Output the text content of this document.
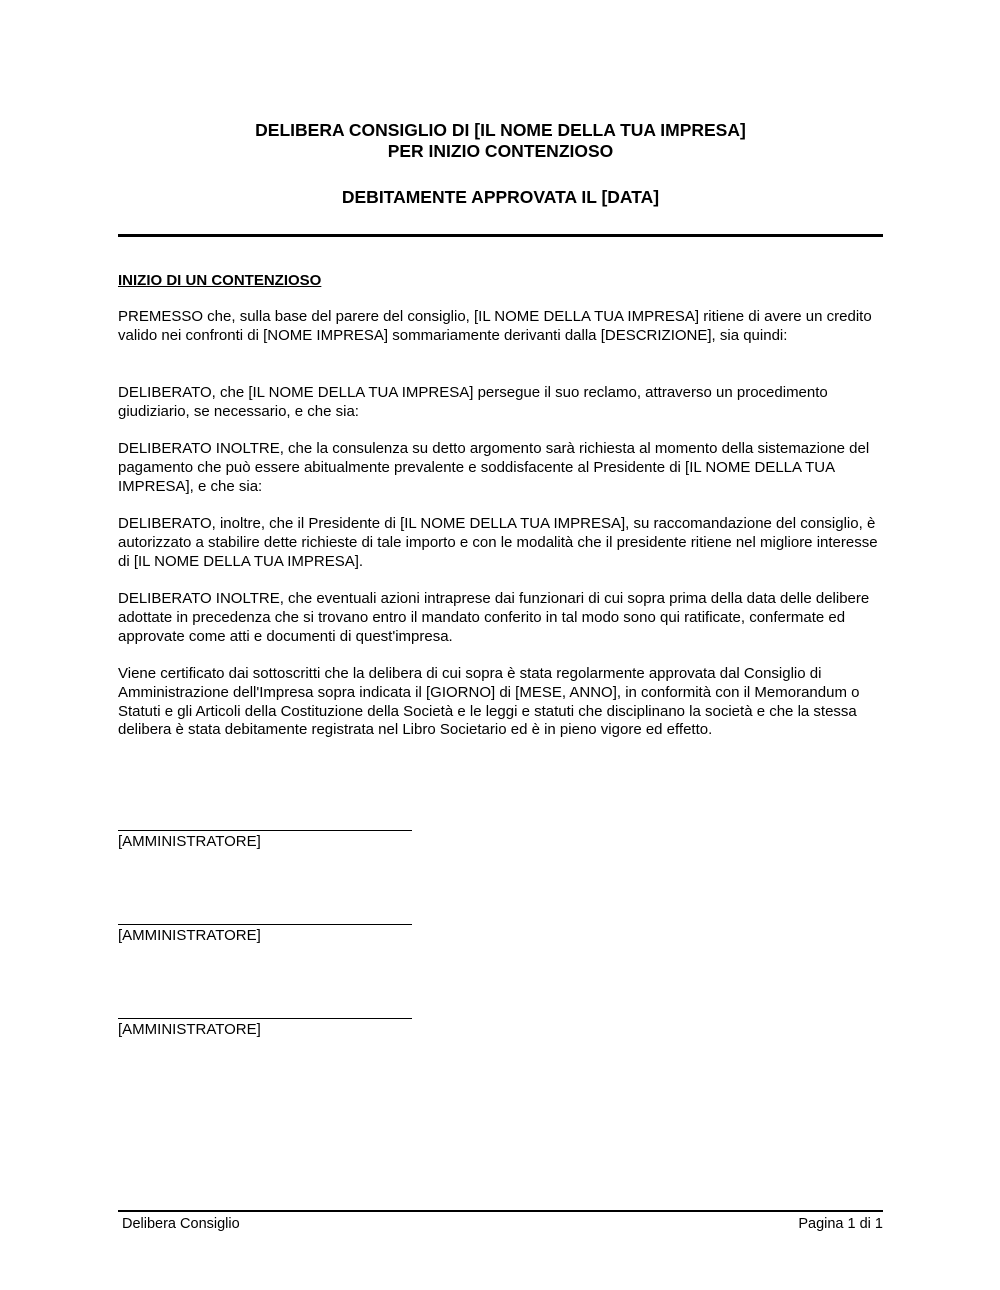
DELIBERA CONSIGLIO DI [IL NOME DELLA TUA IMPRESA]
PER INIZIO CONTENZIOSO
DEBITAMENTE APPROVATA IL [DATA]
INIZIO DI UN CONTENZIOSO
PREMESSO che, sulla base del parere del consiglio, [IL NOME DELLA TUA IMPRESA] ritiene di avere un credito valido nei confronti di [NOME IMPRESA] sommariamente derivanti dalla [DESCRIZIONE], sia quindi:
DELIBERATO, che [IL NOME DELLA TUA IMPRESA] persegue il suo reclamo, attraverso un procedimento giudiziario, se necessario, e che sia:
DELIBERATO INOLTRE, che la consulenza su detto argomento sarà richiesta al momento della sistemazione del pagamento che può essere abitualmente prevalente e soddisfacente al Presidente di [IL NOME DELLA TUA IMPRESA], e che sia:
DELIBERATO, inoltre, che il Presidente di [IL NOME DELLA TUA IMPRESA], su raccomandazione del consiglio, è autorizzato a stabilire dette richieste di tale importo e con le modalità che il presidente ritiene nel migliore interesse di [IL NOME DELLA TUA IMPRESA].
DELIBERATO INOLTRE, che eventuali azioni intraprese dai funzionari di cui sopra prima della data delle delibere adottate in precedenza che si trovano entro il mandato conferito in tal modo sono qui ratificate, confermate ed approvate come atti e documenti di quest'impresa.
Viene certificato dai sottoscritti che la delibera di cui sopra è stata regolarmente approvata dal Consiglio di Amministrazione dell'Impresa sopra indicata il [GIORNO] di [MESE, ANNO], in conformità con il Memorandum o Statuti e gli Articoli della Costituzione della Società e le leggi e statuti che disciplinano la società e che la stessa delibera è stata debitamente registrata nel Libro Societario ed è in pieno vigore ed effetto.
[AMMINISTRATORE]
[AMMINISTRATORE]
[AMMINISTRATORE]
Delibera Consiglio	Pagina 1 di 1
